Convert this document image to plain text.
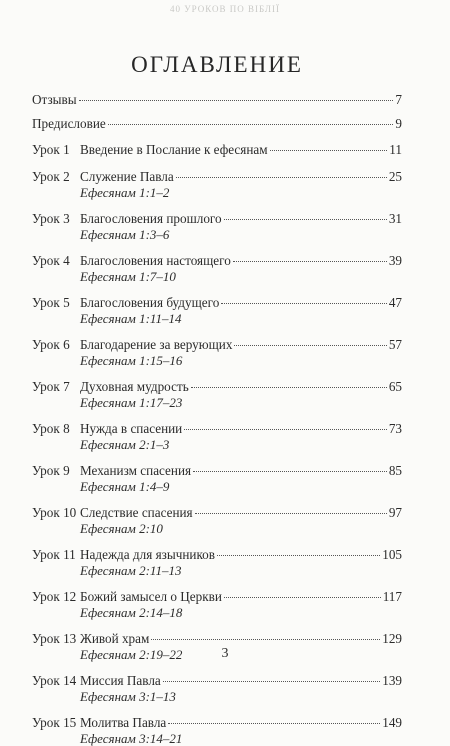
40 УРОКОВ ПО ВІБЛІЇ
ОГЛАВЛЕНИЕ
Отзывы	7
Предисловие	9
Урок 1 Введение в Послание к ефесянам	11
Урок 2 Служение Павла	25
Ефесянам 1:1–2
Урок 3 Благословения прошлого	31
Ефесянам 1:3–6
Урок 4 Благословения настоящего	39
Ефесянам 1:7–10
Урок 5 Благословения будущего	47
Ефесянам 1:11–14
Урок 6 Благодарение за верующих	57
Ефесянам 1:15–16
Урок 7 Духовная мудрость	65
Ефесянам 1:17–23
Урок 8 Нужда в спасении	73
Ефесянам 2:1–3
Урок 9 Механизм спасения	85
Ефесянам 1:4–9
Урок 10 Следствие спасения	97
Ефесянам 2:10
Урок 11 Надежда для язычников	105
Ефесянам 2:11–13
Урок 12 Божий замысел о Церкви	117
Ефесянам 2:14–18
Урок 13 Живой храм	129
Ефесянам 2:19–22
Урок 14 Миссия Павла	139
Ефесянам 3:1–13
Урок 15 Молитва Павла	149
Ефесянам 3:14–21
3
